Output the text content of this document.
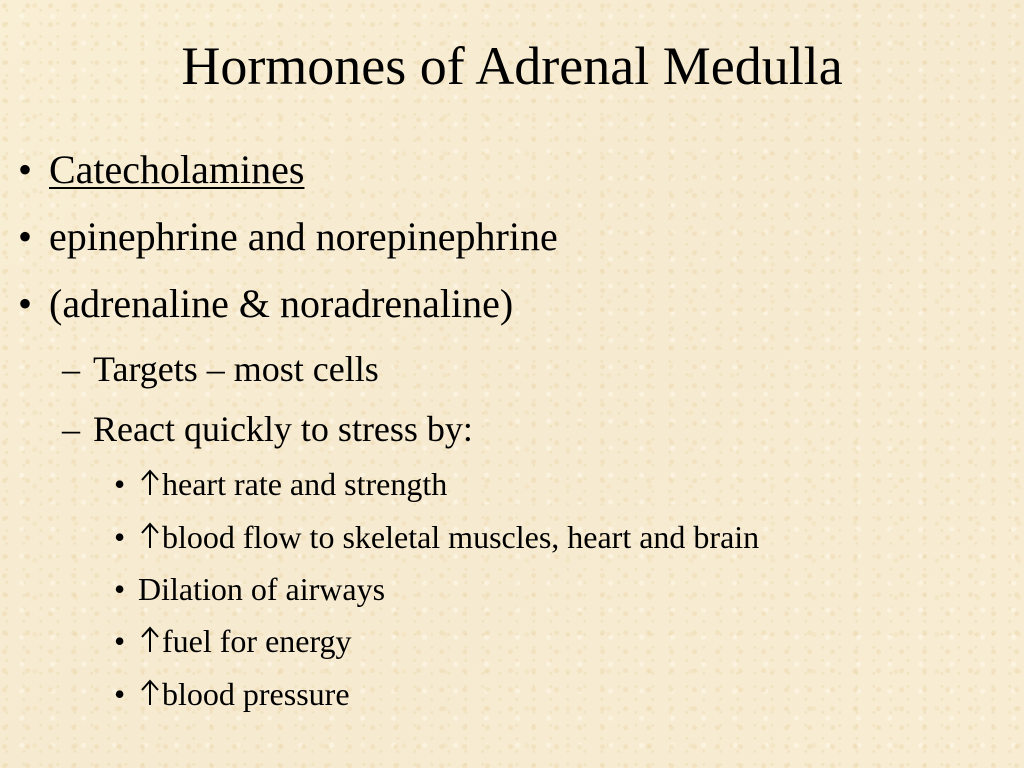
Hormones of Adrenal Medulla
• Catecholamines
• epinephrine and norepinephrine
• (adrenaline & noradrenaline)
– Targets – most cells
– React quickly to stress by:
•	heart rate and strength
•	blood flow to skeletal muscles, heart and brain
• Dilation of airways
•	fuel for energy
•	blood pressure
